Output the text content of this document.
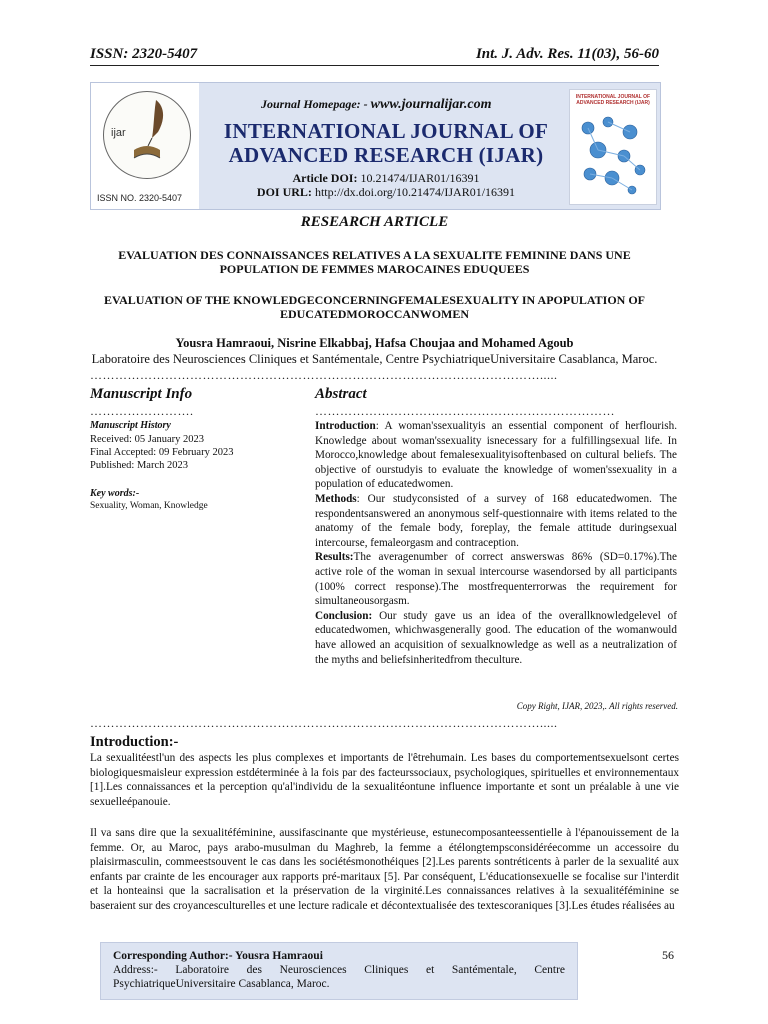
ISSN: 2320-5407	Int. J. Adv. Res. 11(03), 56-60
ijar
ISSN NO. 2320-5407
Journal Homepage: - www.journalijar.com
INTERNATIONAL JOURNAL OF
ADVANCED RESEARCH (IJAR)
Article DOI: 10.21474/IJAR01/16391
DOI URL: http://dx.doi.org/10.21474/IJAR01/16391
INTERNATIONAL JOURNAL OF ADVANCED RESEARCH (IJAR)
RESEARCH ARTICLE
EVALUATION DES CONNAISSANCES RELATIVES A LA SEXUALITE FEMININE DANS UNE POPULATION DE FEMMES MAROCAINES EDUQUEES
EVALUATION OF THE KNOWLEDGECONCERNINGFEMALESEXUALITY IN APOPULATION OF EDUCATEDMOROCCANWOMEN
Yousra Hamraoui, Nisrine Elkabbaj, Hafsa Choujaa and Mohamed Agoub
Laboratoire des Neurosciences Cliniques et Santémentale, Centre PsychiatriqueUniversitaire Casablanca, Maroc.
……………………………………………………………………………………………….....
Manuscript Info
…………………….
Manuscript History
Received: 05 January 2023
Final Accepted: 09 February 2023
Published: March 2023
Key words:-
Sexuality, Woman, Knowledge
Abstract
………………………………………………………………

Introduction: A woman'ssexualityis an essential component of herflourish. Knowledge about woman'ssexuality isnecessary for a fulfillingsexual life. In Morocco,knowledge about femalesexualityisoftenbased on cultural beliefs. The objective of ourstudyis to evaluate the knowledge of women'ssexuality in a population of educatedwomen.

Methods: Our studyconsisted of a survey of 168 educatedwomen. The respondentsanswered an anonymous self-questionnaire with items related to the anatomy of the female body, foreplay, the female attitude duringsexual intercourse, femaleorgasm and contraception.

Results:The averagenumber of correct answerswas 86% (SD=0.17%).The active role of the woman in sexual intercourse wasendorsed by all participants (100% correct response).The mostfrequenterrorwas the requirement for simultaneousorgasm.

Conclusion: Our study gave us an idea of the overallknowledgelevel of educatedwomen, whichwasgenerally good. The education of the womanwould have allowed an acquisition of sexualknowledge as well as a neutralization of the myths and beliefsinheritedfrom theculture.

Copy Right, IJAR, 2023,. All rights reserved.
……………………………………………………………………………………………….....
Introduction:-

La sexualitéestl'un des aspects les plus complexes et importants de l'êtrehumain. Les bases du comportementsexuelsont certes biologiquesmaisleur expression estdéterminée à la fois par des facteurssociaux, psychologiques, spirituelles et environnementaux [1].Les connaissances et la perception qu'al'individu de la sexualitéontune influence importante et sont un préalable à une vie sexuelleépanouie.

Il va sans dire que la sexualitéféminine, aussifascinante que mystérieuse, estunecomposanteessentielle à l'épanouissement de la femme. Or, au Maroc, pays arabo-musulman du Maghreb, la femme a étélongtempsconsidéréecomme un accessoire du plaisirmasculin, commeestsouvent le cas dans les sociétésmonothéiques [2].Les parents sontréticents à parler de la sexualité aux enfants par crainte de les encourager aux rapports pré-maritaux [5]. Par conséquent, L'éducationsexuelle se focalise sur l'interdit et la honteainsi que la sacralisation et la préservation de la virginité.Les connaissances relatives à la sexualitéféminine se baseraient sur des croyancesculturelles et une lecture radicale et décontextualisée des textescoraniques [3].Les études réalisées au

Corresponding Author:- Yousra Hamraoui
Address:- Laboratoire des Neurosciences Cliniques et Santémentale, Centre PsychiatriqueUniversitaire Casablanca, Maroc.
56
